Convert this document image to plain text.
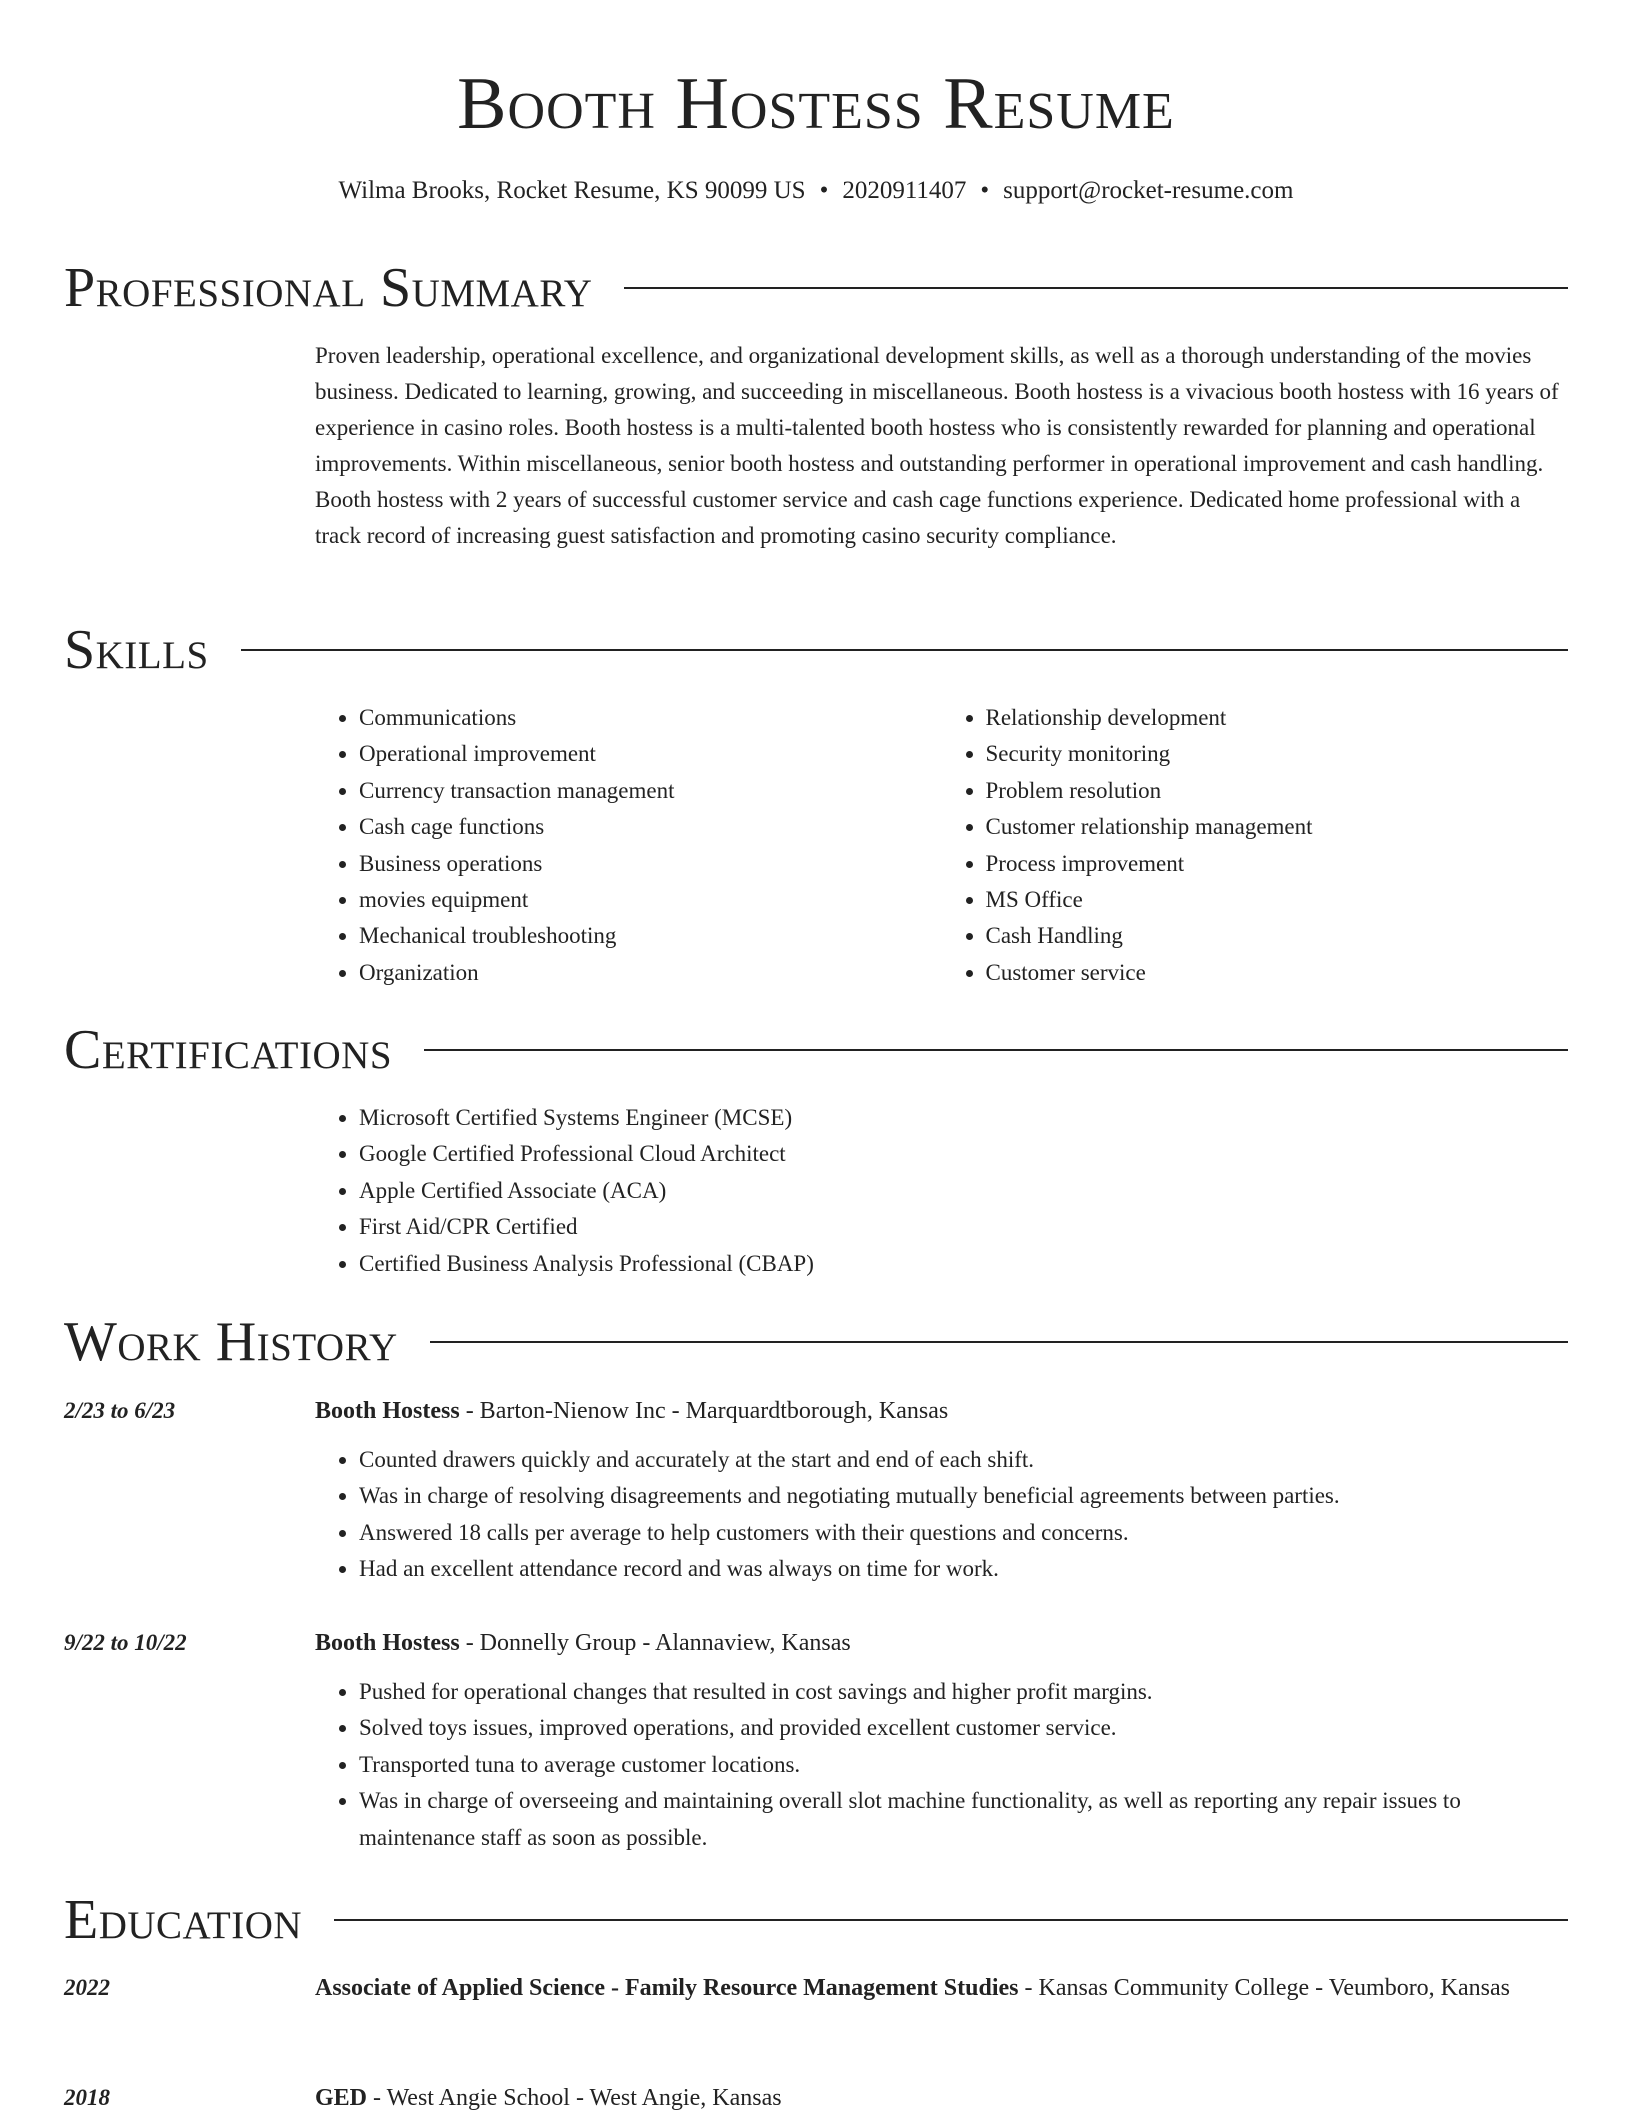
Booth Hostess Resume
Wilma Brooks, Rocket Resume, KS 90099 US • 2020911407 • support@rocket-resume.com
Professional Summary
Proven leadership, operational excellence, and organizational development skills, as well as a thorough understanding of the movies business. Dedicated to learning, growing, and succeeding in miscellaneous. Booth hostess is a vivacious booth hostess with 16 years of experience in casino roles. Booth hostess is a multi-talented booth hostess who is consistently rewarded for planning and operational improvements. Within miscellaneous, senior booth hostess and outstanding performer in operational improvement and cash handling. Booth hostess with 2 years of successful customer service and cash cage functions experience. Dedicated home professional with a track record of increasing guest satisfaction and promoting casino security compliance.
Skills
• Communications
• Operational improvement
• Currency transaction management
• Cash cage functions
• Business operations
• movies equipment
• Mechanical troubleshooting
• Organization
• Relationship development
• Security monitoring
• Problem resolution
• Customer relationship management
• Process improvement
• MS Office
• Cash Handling
• Customer service
Certifications
• Microsoft Certified Systems Engineer (MCSE)
• Google Certified Professional Cloud Architect
• Apple Certified Associate (ACA)
• First Aid/CPR Certified
• Certified Business Analysis Professional (CBAP)
Work History
2/23 to 6/23	Booth Hostess - Barton-Nienow Inc - Marquardtborough, Kansas
• Counted drawers quickly and accurately at the start and end of each shift.
• Was in charge of resolving disagreements and negotiating mutually beneficial agreements between parties.
• Answered 18 calls per average to help customers with their questions and concerns.
• Had an excellent attendance record and was always on time for work.
9/22 to 10/22	Booth Hostess - Donnelly Group - Alannaview, Kansas
• Pushed for operational changes that resulted in cost savings and higher profit margins.
• Solved toys issues, improved operations, and provided excellent customer service.
• Transported tuna to average customer locations.
• Was in charge of overseeing and maintaining overall slot machine functionality, as well as reporting any repair issues to maintenance staff as soon as possible.
Education
2022	Associate of Applied Science - Family Resource Management Studies - Kansas Community College - Veumboro, Kansas
2018	GED - West Angie School - West Angie, Kansas
